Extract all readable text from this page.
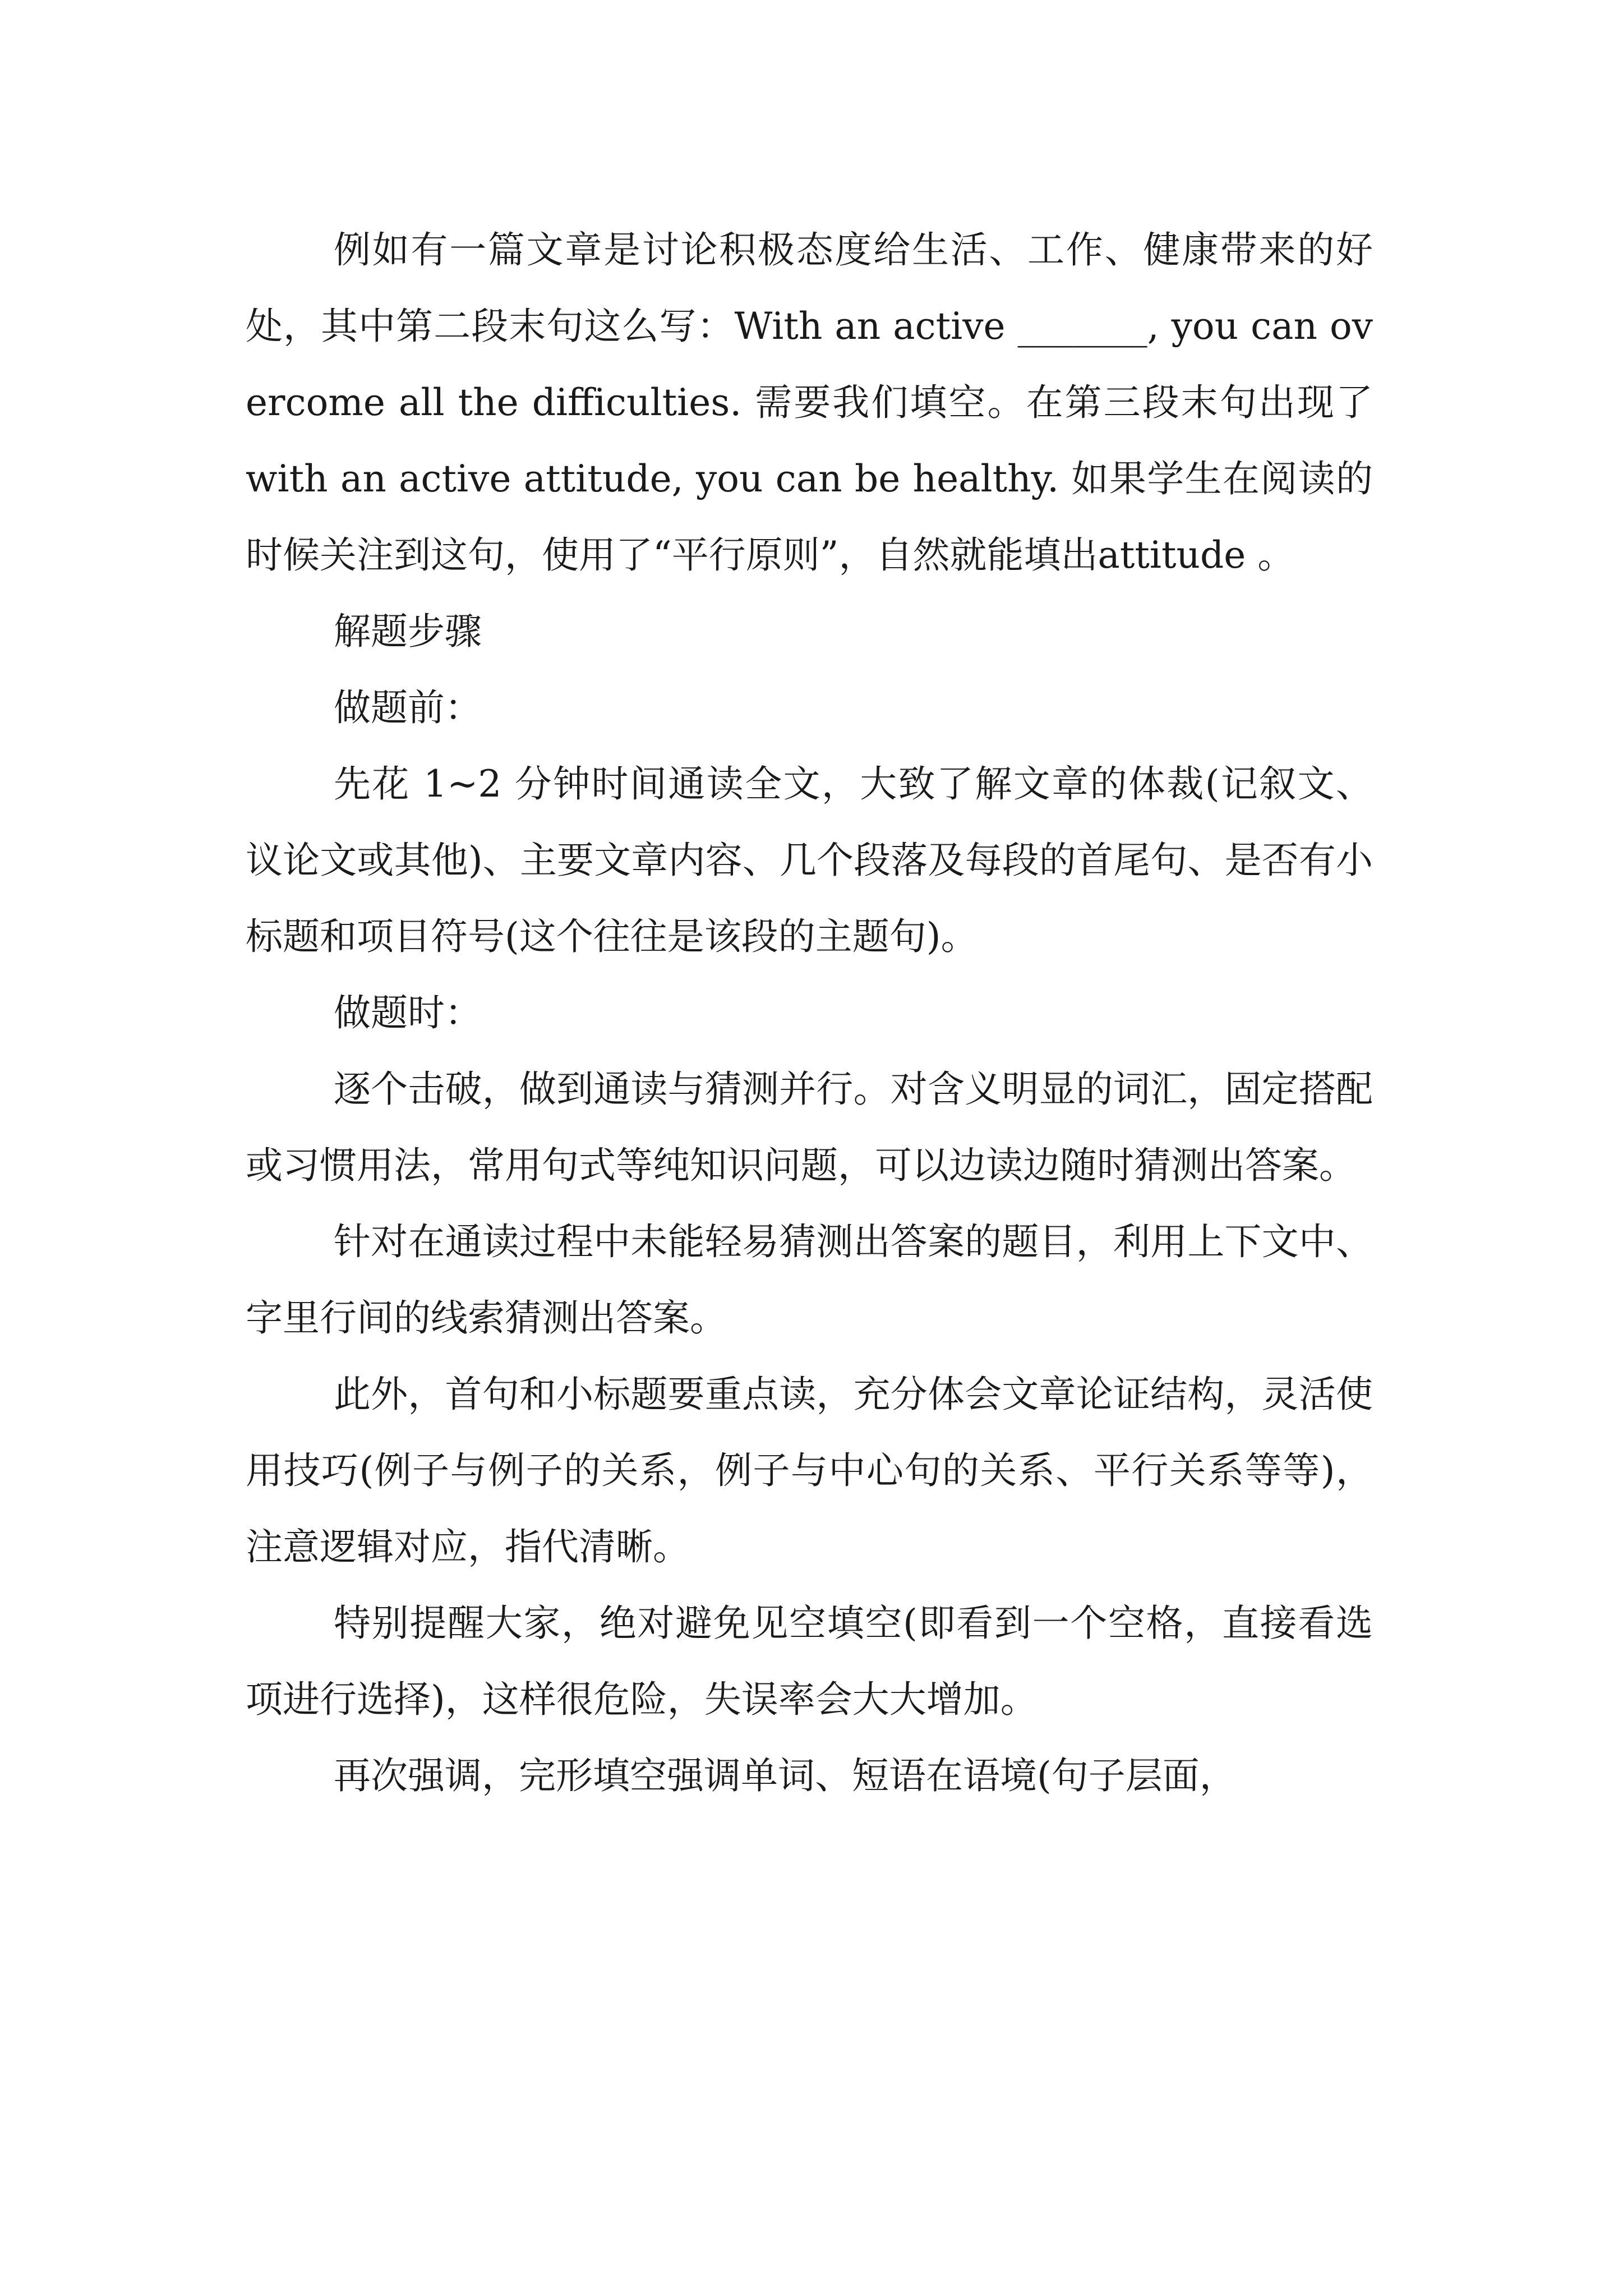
例如有一篇文章是讨论积极态度给生活、工作、健康带来的好处，其中第二段末句这么写：With an active _______, you can overcome all the difficulties. 需要我们填空。在第三段末句出现了 with an active attitude, you can be healthy. 如果学生在阅读的时候关注到这句，使用了“平行原则”，自然就能填出attitude 。

解题步骤

做题前：

先花 1~2 分钟时间通读全文，大致了解文章的体裁(记叙文、议论文或其他)、主要文章内容、几个段落及每段的首尾句、是否有小标题和项目符号(这个往往是该段的主题句)。

做题时：

逐个击破，做到通读与猜测并行。对含义明显的词汇，固定搭配或习惯用法，常用句式等纯知识问题，可以边读边随时猜测出答案。

针对在通读过程中未能轻易猜测出答案的题目，利用上下文中、字里行间的线索猜测出答案。

此外，首句和小标题要重点读，充分体会文章论证结构，灵活使用技巧(例子与例子的关系，例子与中心句的关系、平行关系等等)，注意逻辑对应，指代清晰。

特别提醒大家，绝对避免见空填空(即看到一个空格，直接看选项进行选择)，这样很危险，失误率会大大增加。

再次强调，完形填空强调单词、短语在语境(句子层面，
